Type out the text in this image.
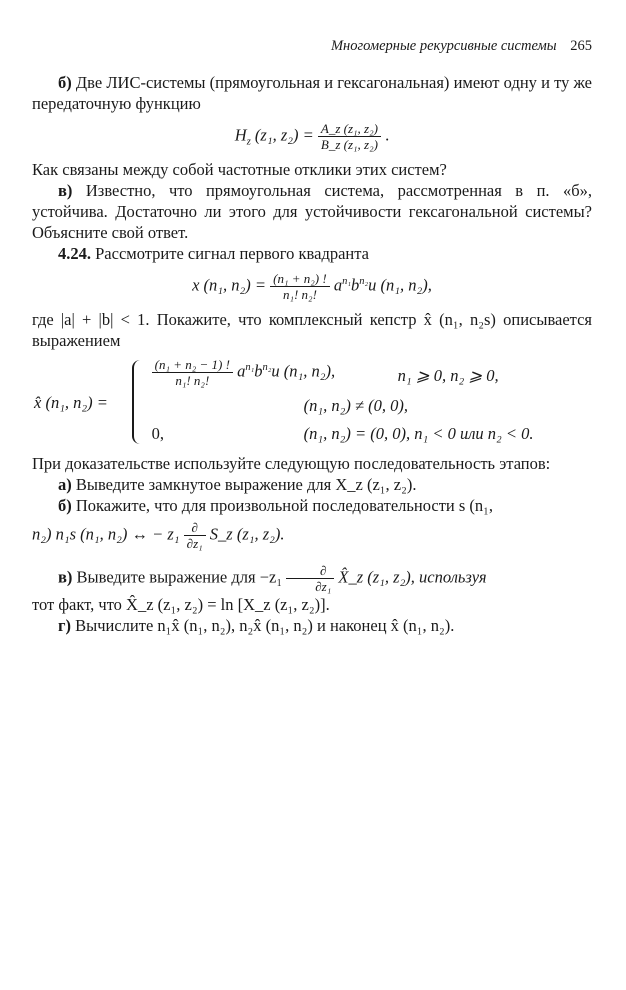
Многомерные рекурсивные системы 265

б) Две ЛИС-системы (прямоугольная и гексагональная) имеют одну и ту же передаточную функцию

$H_z$ (z₁, $z_2) = \frac{\text{A\_z (z₁, z₂)}}{\text{B\_z (z₁, z₂)}}$ .

Как связаны между собой частотные отклики этих систем?

в) Известно, что прямоугольная система, рассмотренная в п. «б», устойчива. Достаточно ли этого для устойчивости гексагональной системы? Объясните свой ответ.

4.24. Рассмотрите сигнал первого квадранта

x (n₁, $n_2) = \frac{\text{(n₁ + n₂) !}}{\text{n₁! n₂!}} a^{n_1}b^{n_2}u$ (n₁, n₂),

где |a| + |b| < 1. Покажите, что комплексный кепстр x̂ (n₁, n₂s) описывается выражением

x̂ (n₁, n₂) =
$\frac{\text{(n₁ + n₂ − 1) !}}{\text{n₁! n₂!}} a^{n_1}b^{n_2}u$ (n₁, n₂),	n₁ ⩾ 0, n₂ ⩾ 0,
(n₁, n₂) ≠ (0, 0),
0,	(n₁, n₂) = (0, 0), n₁ < 0 или n₂ < 0.

При доказательстве используйте следующую последовательность этапов:

а) Выведите замкнутое выражение для X_z (z₁, z₂).

б) Покажите, что для произвольной последовательности s (n₁,

n₂) n₁s (n₁, n₂) ↔ − $z_1 \frac{\partial}{\text{∂z₁}}$ S_z (z₁, z₂).

в) Выведите выражение для $-z_1 \frac{\partial}{\text{∂z₁}}$ X̂_z (z₁, z₂), используя

тот факт, что X̂_z (z₁, z₂) = ln [X_z (z₁, z₂)].

г) Вычислите n₁x̂ (n₁, n₂), n₂x̂ (n₁, n₂) и наконец x̂ (n₁, n₂).
